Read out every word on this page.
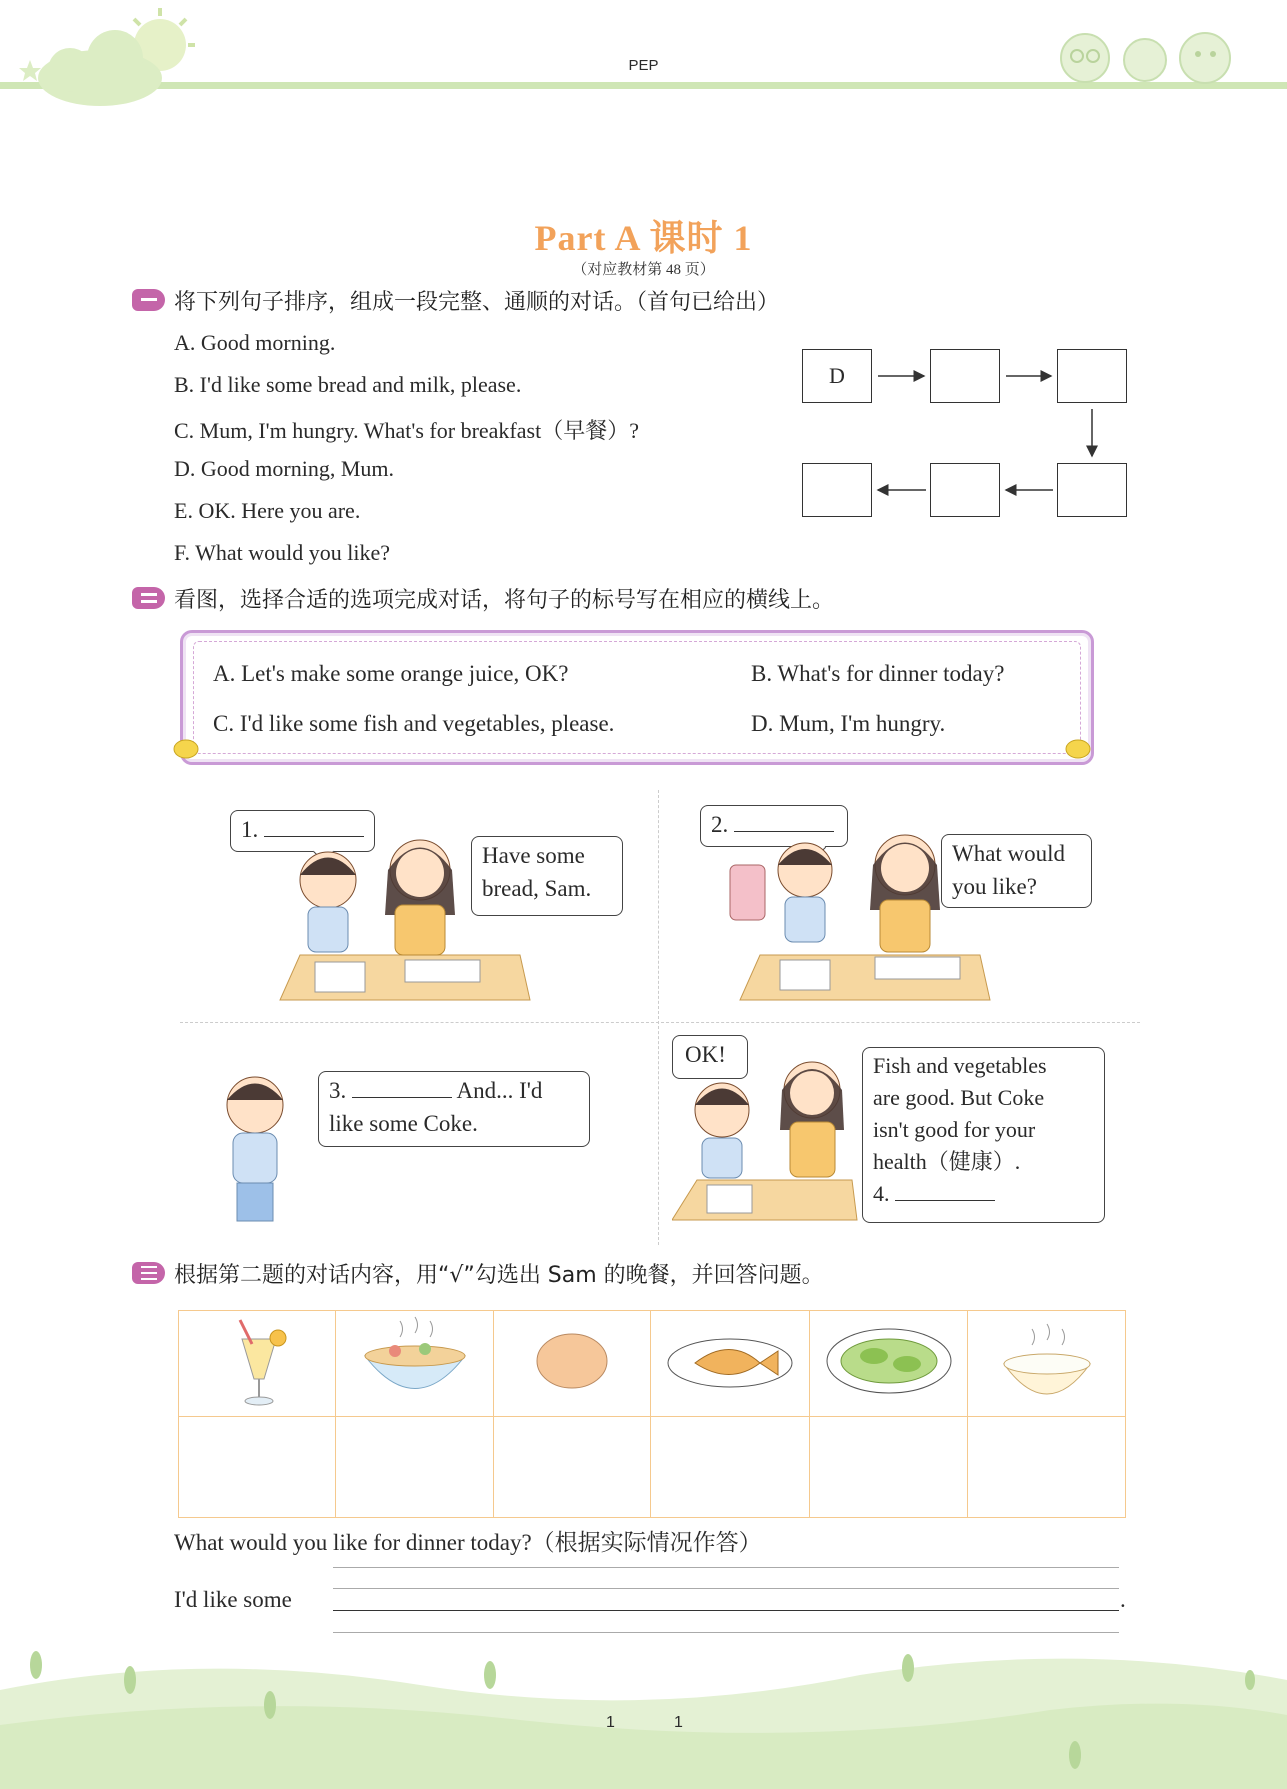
PEP
Part A 课时 1
（对应教材第 48 页）
将下列句子排序，组成一段完整、通顺的对话。（首句已给出）
A. Good morning.
B. I'd like some bread and milk, please.
C. Mum, I'm hungry. What's for breakfast（早餐）?
D. Good morning, Mum.
E. OK. Here you are.
F. What would you like?
D
看图，选择合适的选项完成对话，将句子的标号写在相应的横线上。
A. Let's make some orange juice, OK?	B. What's for dinner today?
C. I'd like some fish and vegetables, please.	D. Mum, I'm hungry.
1.
Have some
bread, Sam.
2.
What would
you like?
3.	And... I'd
like some Coke.
OK!	Fish and vegetables
are good. But Coke
isn't good for your
health（健康）.
4.
根据第二题的对话内容，用“√”勾选出 Sam 的晚餐，并回答问题。

What would you like for dinner today?（根据实际情况作答）
I'd like some	.
1	1
